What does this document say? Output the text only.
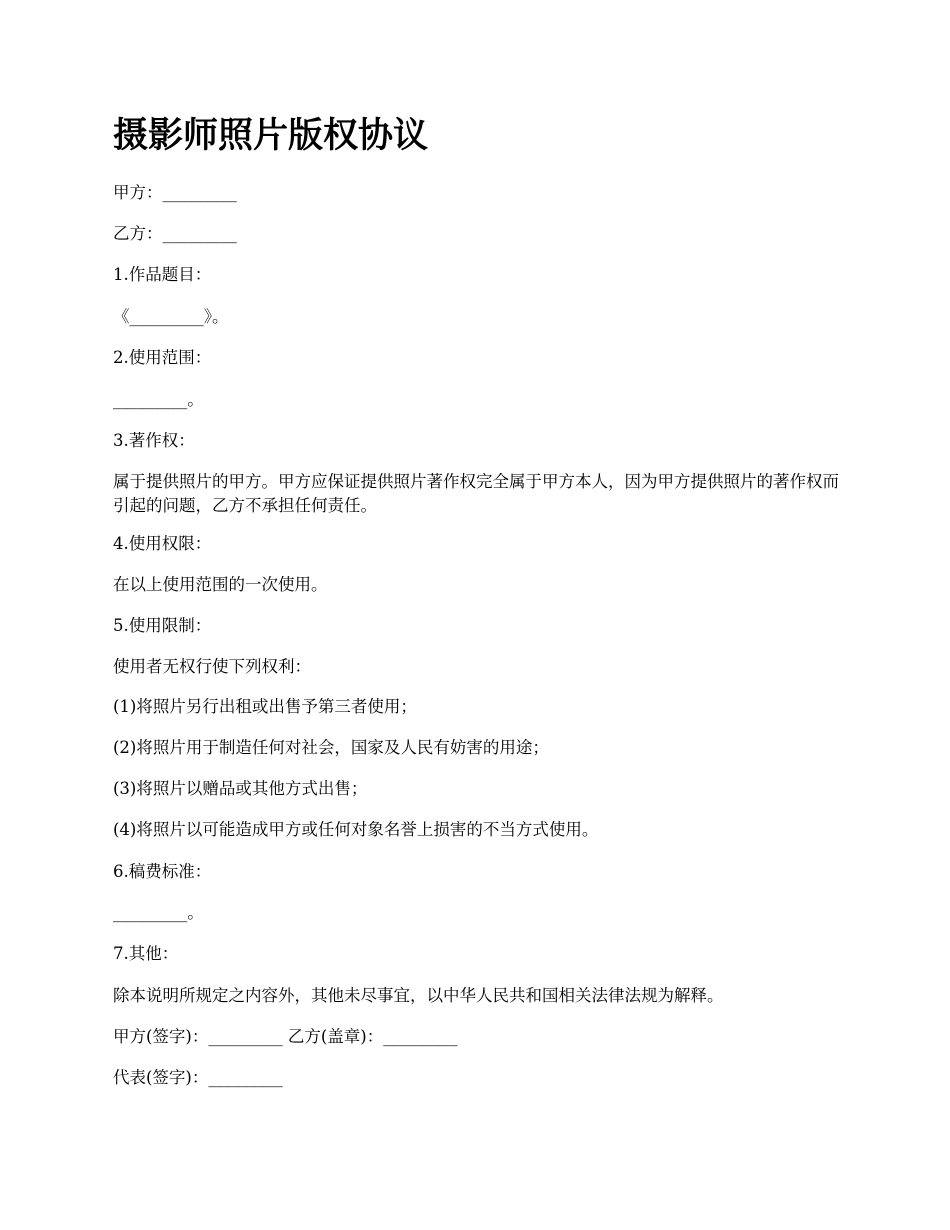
摄影师照片版权协议

甲方：_________

乙方：_________

1.作品题目：

《_________》。

2.使用范围：

_________。

3.著作权：

属于提供照片的甲方。甲方应保证提供照片著作权完全属于甲方本人，因为甲方提供照片的著作权而引起的问题，乙方不承担任何责任。

4.使用权限：

在以上使用范围的一次使用。

5.使用限制：

使用者无权行使下列权利：

(1)将照片另行出租或出售予第三者使用；

(2)将照片用于制造任何对社会，国家及人民有妨害的用途；

(3)将照片以赠品或其他方式出售；

(4)将照片以可能造成甲方或任何对象名誉上损害的不当方式使用。

6.稿费标准：

_________。

7.其他：

除本说明所规定之内容外，其他未尽事宜，以中华人民共和国相关法律法规为解释。

甲方(签字)：_________ 乙方(盖章)：_________

代表(签字)：_________
